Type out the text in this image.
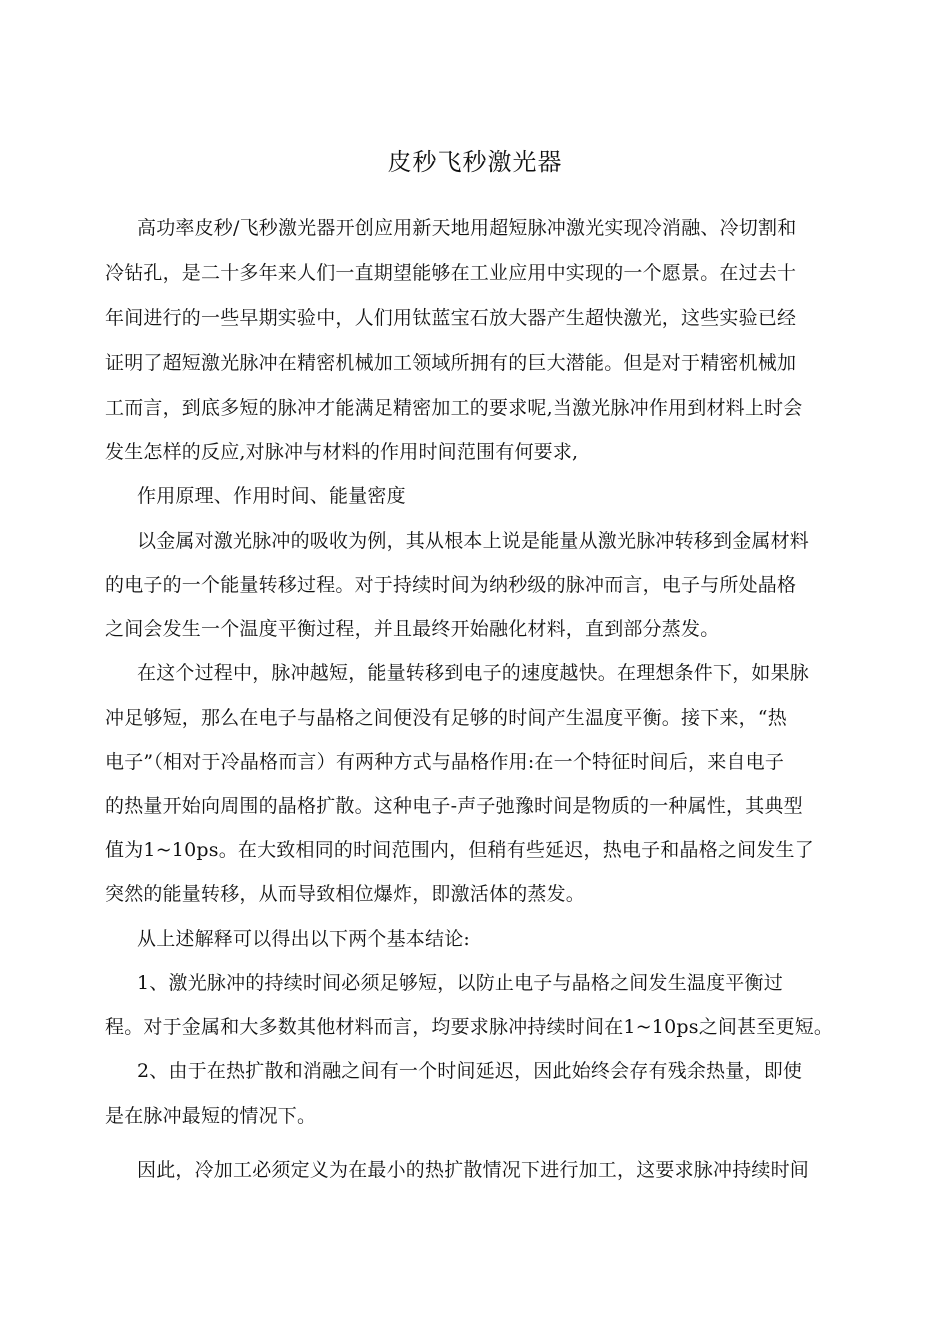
皮秒飞秒激光器
高功率皮秒/飞秒激光器开创应用新天地用超短脉冲激光实现冷消融、冷切割和
冷钻孔，是二十多年来人们一直期望能够在工业应用中实现的一个愿景。在过去十
年间进行的一些早期实验中，人们用钛蓝宝石放大器产生超快激光，这些实验已经
证明了超短激光脉冲在精密机械加工领域所拥有的巨大潜能。但是对于精密机械加
工而言，到底多短的脉冲才能满足精密加工的要求呢,当激光脉冲作用到材料上时会
发生怎样的反应,对脉冲与材料的作用时间范围有何要求,
作用原理、作用时间、能量密度
以金属对激光脉冲的吸收为例，其从根本上说是能量从激光脉冲转移到金属材料
的电子的一个能量转移过程。对于持续时间为纳秒级的脉冲而言，电子与所处晶格
之间会发生一个温度平衡过程，并且最终开始融化材料，直到部分蒸发。
在这个过程中，脉冲越短，能量转移到电子的速度越快。在理想条件下，如果脉
冲足够短，那么在电子与晶格之间便没有足够的时间产生温度平衡。接下来，“热
电子”（相对于冷晶格而言）有两种方式与晶格作用:在一个特征时间后，来自电子
的热量开始向周围的晶格扩散。这种电子-声子弛豫时间是物质的一种属性，其典型
值为1~10ps。在大致相同的时间范围内，但稍有些延迟，热电子和晶格之间发生了
突然的能量转移，从而导致相位爆炸，即激活体的蒸发。
从上述解释可以得出以下两个基本结论:
1、激光脉冲的持续时间必须足够短，以防止电子与晶格之间发生温度平衡过
程。对于金属和大多数其他材料而言，均要求脉冲持续时间在1~10ps之间甚至更短。
2、由于在热扩散和消融之间有一个时间延迟，因此始终会存有残余热量，即使
是在脉冲最短的情况下。
因此，冷加工必须定义为在最小的热扩散情况下进行加工，这要求脉冲持续时间
